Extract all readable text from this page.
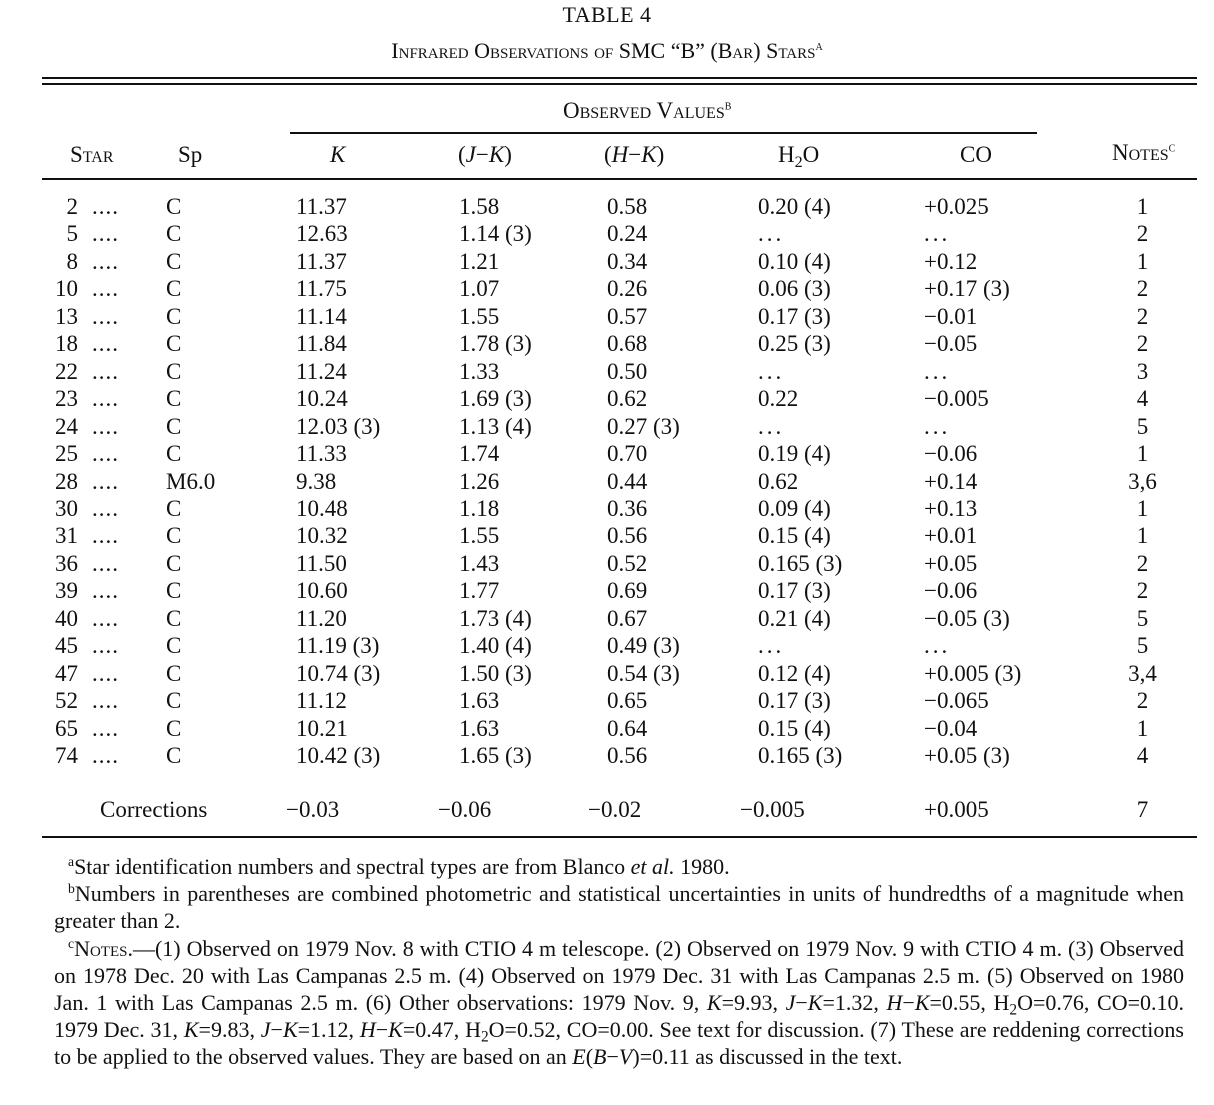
TABLE 4
Infrared Observations of SMC “B” (Bar) Stars$^a$
Observed Values$^b$
Star	Sp	K	(J−K)	(H−K)	$H_2O$	CO	Notes$^c$
2 .... C	11.37	1.58	0.58	0.20 (4)	+0.025	1
5 .... C	12.63	1.14 (3)	0.24	...	...	2
8 .... C	11.37	1.21	0.34	0.10 (4)	+0.12	1
10 .... C	11.75	1.07	0.26	0.06 (3)	+0.17 (3)	2
13 .... C	11.14	1.55	0.57	0.17 (3)	−0.01	2
18 .... C	11.84	1.78 (3)	0.68	0.25 (3)	−0.05	2
22 .... C	11.24	1.33	0.50	...	...	3
23 .... C	10.24	1.69 (3)	0.62	0.22	−0.005	4
24 .... C	12.03 (3)	1.13 (4)	0.27 (3)	...	...	5
25 .... C	11.33	1.74	0.70	0.19 (4)	−0.06	1
28 .... M6.0	9.38	1.26	0.44	0.62	+0.14	3,6
30 .... C	10.48	1.18	0.36	0.09 (4)	+0.13	1
31 .... C	10.32	1.55	0.56	0.15 (4)	+0.01	1
36 .... C	11.50	1.43	0.52	0.165 (3)	+0.05	2
39 .... C	10.60	1.77	0.69	0.17 (3)	−0.06	2
40 .... C	11.20	1.73 (4)	0.67	0.21 (4)	−0.05 (3)	5
45 .... C	11.19 (3)	1.40 (4)	0.49 (3)	...	...	5
47 .... C	10.74 (3)	1.50 (3)	0.54 (3)	0.12 (4)	+0.005 (3)	3,4
52 .... C	11.12	1.63	0.65	0.17 (3)	−0.065	2
65 .... C	10.21	1.63	0.64	0.15 (4)	−0.04	1
74 .... C	10.42 (3)	1.65 (3)	0.56	0.165 (3)	+0.05 (3)	4
Corrections	−0.03	−0.06	−0.02	−0.005	+0.005	7
$^a$Star identification numbers and spectral types are from Blanco et al. 1980.
$^b$Numbers in parentheses are combined photometric and statistical uncertainties in units of hundredths of a magnitude when greater than 2.
$^c$Notes.—(1) Observed on 1979 Nov. 8 with CTIO 4 m telescope. (2) Observed on 1979 Nov. 9 with CTIO 4 m. (3) Observed on 1978 Dec. 20 with Las Campanas 2.5 m. (4) Observed on 1979 Dec. 31 with Las Campanas 2.5 m. (5) Observed on 1980 Jan. 1 with Las Campanas 2.5 m. (6) Other observations: 1979 Nov. 9, K=9.93, J−K=1.32, H−K=0.55, $H_2O=0.76$, CO=0.10. 1979 Dec. 31, K=9.83, J−K=1.12, H−K=0.47, $H_2O=0.52$, CO=0.00. See text for discussion. (7) These are reddening corrections to be applied to the observed values. They are based on an E(B−V)=0.11 as discussed in the text.
